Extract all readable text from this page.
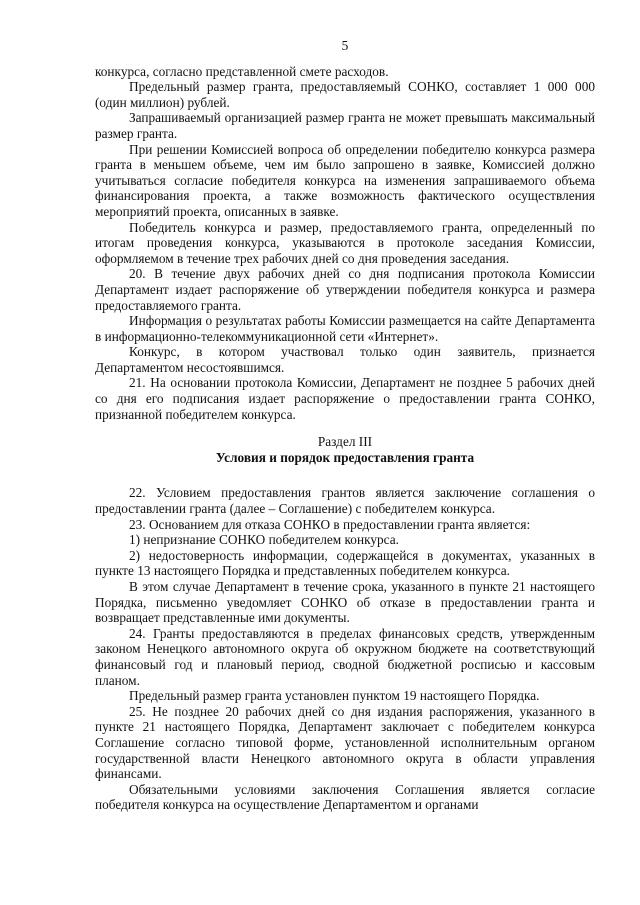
5

конкурса, согласно представленной смете расходов.

Предельный размер гранта, предоставляемый СОНКО, составляет 1 000 000 (один миллион) рублей.

Запрашиваемый организацией размер гранта не может превышать максимальный размер гранта.

При решении Комиссией вопроса об определении победителю конкурса размера гранта в меньшем объеме, чем им было запрошено в заявке, Комиссией должно учитываться согласие победителя конкурса на изменения запрашиваемого объема финансирования проекта, а также возможность фактического осуществления мероприятий проекта, описанных в заявке.

Победитель конкурса и размер, предоставляемого гранта, определенный по итогам проведения конкурса, указываются в протоколе заседания Комиссии, оформляемом в течение трех рабочих дней со дня проведения заседания.

20. В течение двух рабочих дней со дня подписания протокола Комиссии Департамент издает распоряжение об утверждении победителя конкурса и размера предоставляемого гранта.

Информация о результатах работы Комиссии размещается на сайте Департамента в информационно-телекоммуникационной сети «Интернет».

Конкурс, в котором участвовал только один заявитель, признается Департаментом несостоявшимся.

21. На основании протокола Комиссии, Департамент не позднее 5 рабочих дней со дня его подписания издает распоряжение о предоставлении гранта СОНКО, признанной победителем конкурса.

Раздел III
Условия и порядок предоставления гранта

22. Условием предоставления грантов является заключение соглашения о предоставлении гранта (далее – Соглашение) с победителем конкурса.

23. Основанием для отказа СОНКО в предоставлении гранта является:

1) непризнание СОНКО победителем конкурса.

2) недостоверность информации, содержащейся в документах, указанных в пункте 13 настоящего Порядка и представленных победителем конкурса.

В этом случае Департамент в течение срока, указанного в пункте 21 настоящего Порядка, письменно уведомляет СОНКО об отказе в предоставлении гранта и возвращает представленные ими документы.

24. Гранты предоставляются в пределах финансовых средств, утвержденным законом Ненецкого автономного округа об окружном бюджете на соответствующий финансовый год и плановый период, сводной бюджетной росписью и кассовым планом.

Предельный размер гранта установлен пунктом 19 настоящего Порядка.

25. Не позднее 20 рабочих дней со дня издания распоряжения, указанного в пункте 21 настоящего Порядка, Департамент заключает с победителем конкурса Соглашение согласно типовой форме, установленной исполнительным органом государственной власти Ненецкого автономного округа в области управления финансами.

Обязательными условиями заключения Соглашения является согласие победителя конкурса на осуществление Департаментом и органами
